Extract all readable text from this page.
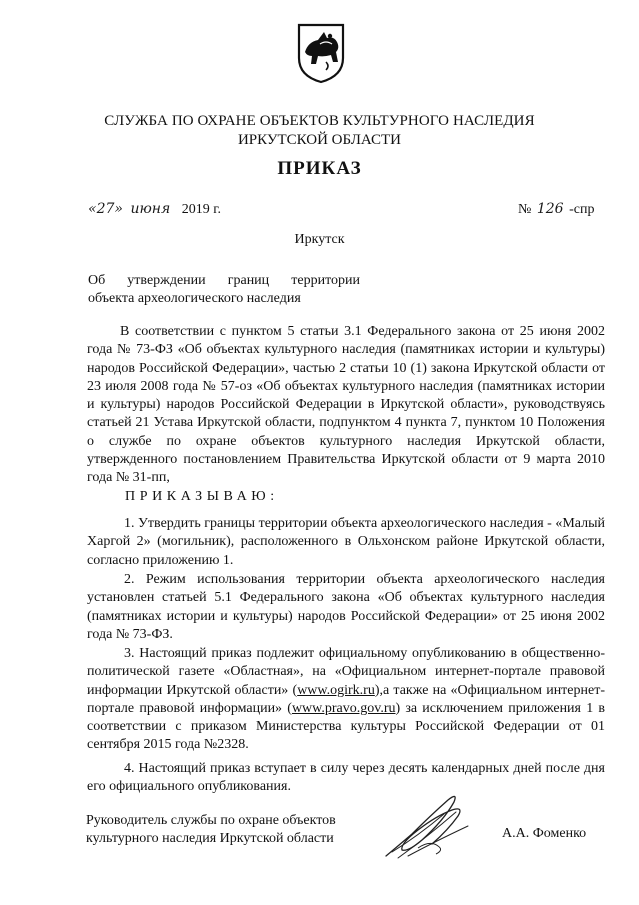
СЛУЖБА ПО ОХРАНЕ ОБЪЕКТОВ КУЛЬТУРНОГО НАСЛЕДИЯ
ИРКУТСКОЙ ОБЛАСТИ
ПРИКАЗ
«27» июня 2019 г.	№ 126 -спр
Иркутск
Об утверждении границ территории
объекта археологического наследия

В соответствии с пунктом 5 статьи 3.1 Федерального закона от 25 июня 2002 года № 73-ФЗ «Об объектах культурного наследия (памятниках истории и культуры) народов Российской Федерации», частью 2 статьи 10 (1) закона Иркутской области от 23 июля 2008 года № 57-оз «Об объектах культурного наследия (памятниках истории и культуры) народов Российской Федерации в Иркутской области», руководствуясь статьей 21 Устава Иркутской области, подпунктом 4 пункта 7, пунктом 10 Положения о службе по охране объектов культурного наследия Иркутской области, утвержденного постановлением Правительства Иркутской области от 9 марта 2010 года № 31-пп,

ПРИКАЗЫВАЮ:

1. Утвердить границы территории объекта археологического наследия - «Малый Харгой 2» (могильник), расположенного в Ольхонском районе Иркутской области, согласно приложению 1.

2. Режим использования территории объекта археологического наследия установлен статьей 5.1 Федерального закона «Об объектах культурного наследия (памятниках истории и культуры) народов Российской Федерации» от 25 июня 2002 года № 73-ФЗ.

3. Настоящий приказ подлежит официальному опубликованию в общественно-политической газете «Областная», на «Официальном интернет-портале правовой информации Иркутской области» (www.ogirk.ru),а также на «Официальном интернет-портале правовой информации» (www.pravo.gov.ru) за исключением приложения 1 в соответствии с приказом Министерства культуры Российской Федерации от 01 сентября 2015 года №2328.

4. Настоящий приказ вступает в силу через десять календарных дней после дня его официального опубликования.

Руководитель службы по охране объектов
культурного наследия Иркутской области	А.А. Фоменко
